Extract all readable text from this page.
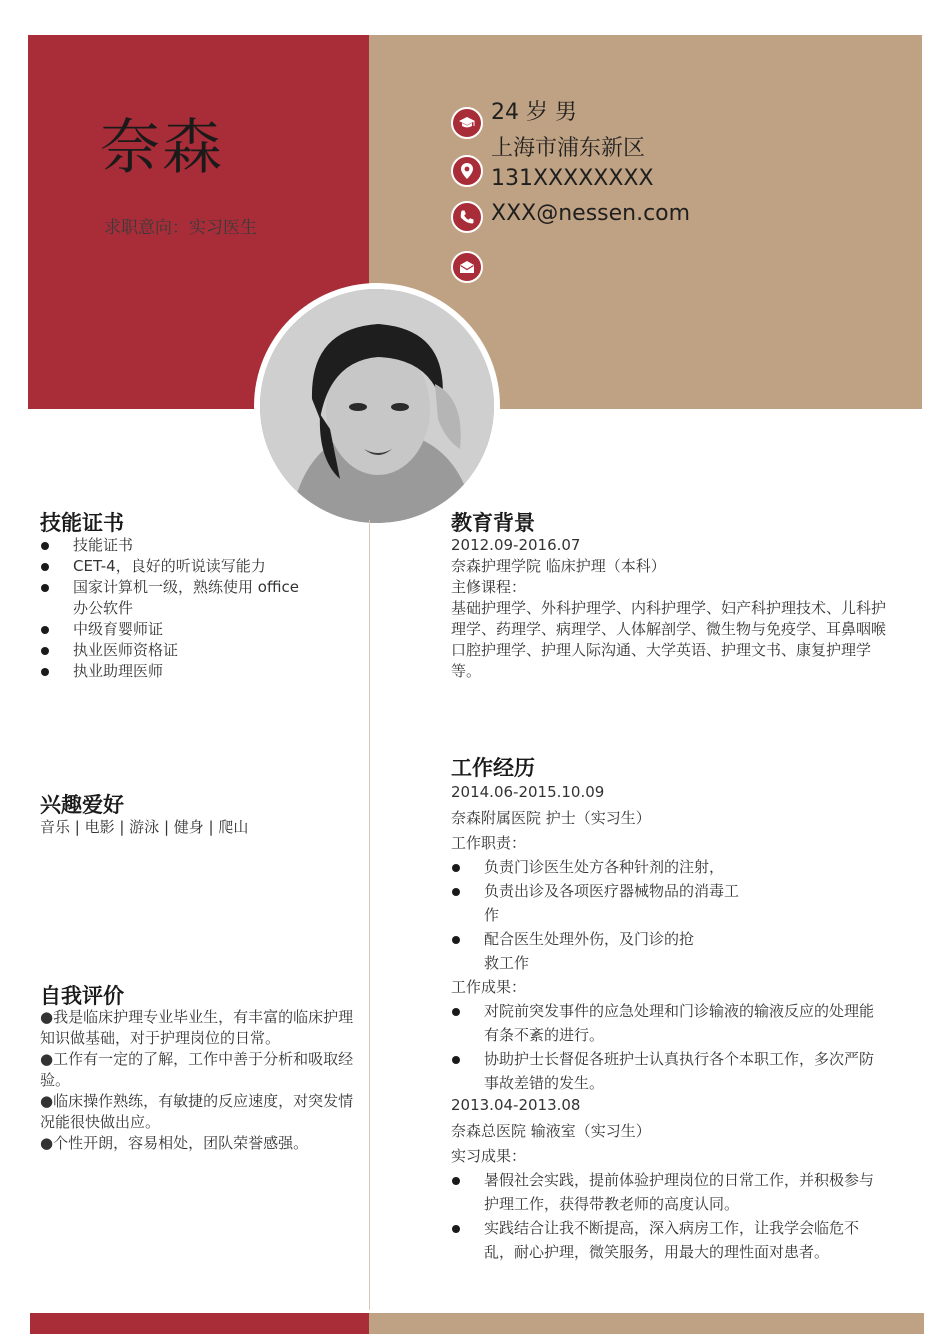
奈森
求职意向：实习医生
24 岁 男
上海市浦东新区
131XXXXXXXX
XXX@nessen.com
技能证书
技能证书
CET-4，良好的听说读写能力
国家计算机一级，熟练使用 office 办公软件
中级育婴师证
执业医师资格证
执业助理医师
兴趣爱好
音乐 | 电影 | 游泳 | 健身 | 爬山
自我评价
●我是临床护理专业毕业生，有丰富的临床护理知识做基础，对于护理岗位的日常。
●工作有一定的了解，工作中善于分析和吸取经验。
●临床操作熟练，有敏捷的反应速度，对突发情况能很快做出应。
●个性开朗，容易相处，团队荣誉感强。
教育背景
2012.09-2016.07
奈森护理学院 临床护理（本科）
主修课程：
基础护理学、外科护理学、内科护理学、妇产科护理技术、儿科护理学、药理学、病理学、人体解剖学、微生物与免疫学、耳鼻咽喉口腔护理学、护理人际沟通、大学英语、护理文书、康复护理学等。
工作经历
2014.06-2015.10.09
奈森附属医院 护士（实习生）
工作职责：
负责门诊医生处方各种针剂的注射，
负责出诊及各项医疗器械物品的消毒工作
配合医生处理外伤，及门诊的抢救工作
工作成果：
对院前突发事件的应急处理和门诊输液的输液反应的处理能有条不紊的进行。
协助护士长督促各班护士认真执行各个本职工作，多次严防事故差错的发生。
2013.04-2013.08
奈森总医院 输液室（实习生）
实习成果：
暑假社会实践，提前体验护理岗位的日常工作，并积极参与护理工作，获得带教老师的高度认同。
实践结合让我不断提高，深入病房工作，让我学会临危不乱，耐心护理，微笑服务，用最大的理性面对患者。
